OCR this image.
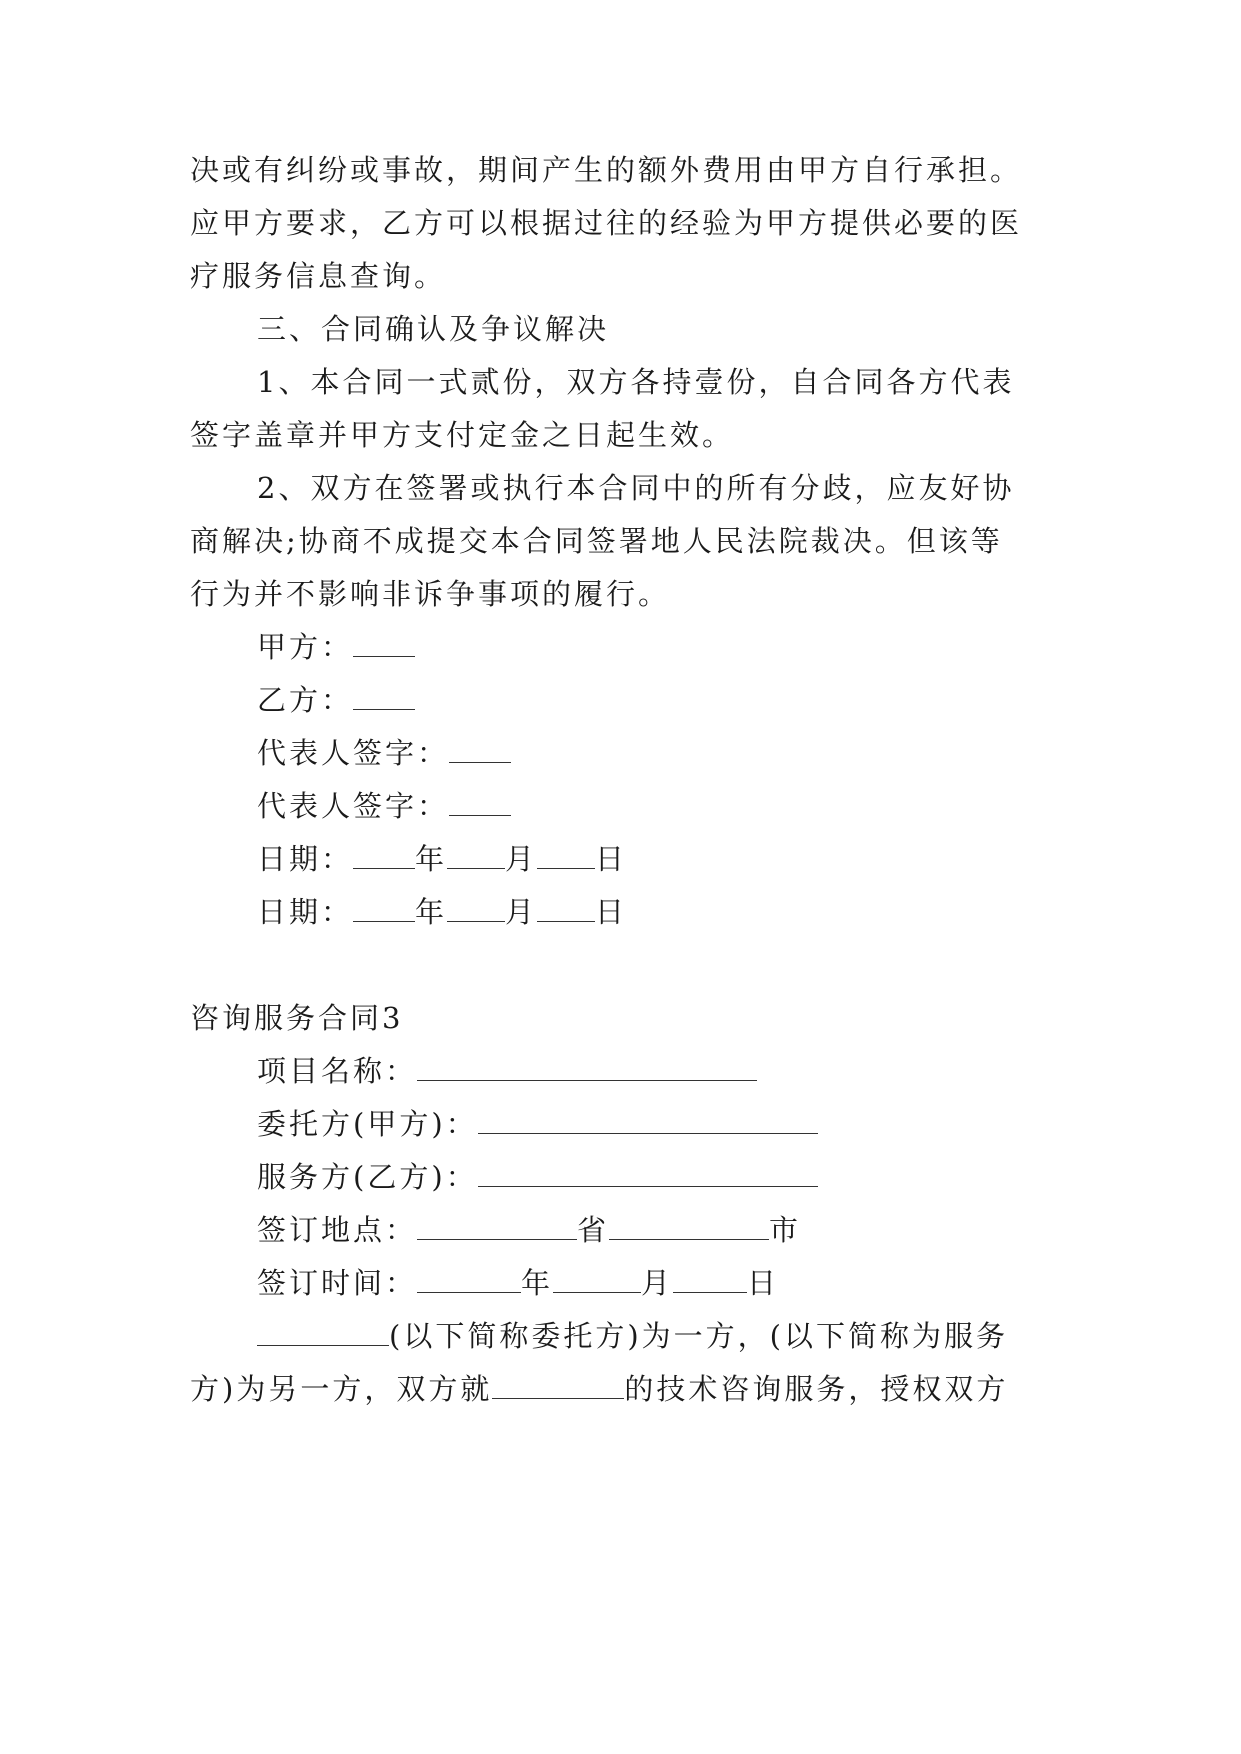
决或有纠纷或事故，期间产生的额外费用由甲方自行承担。
应甲方要求，乙方可以根据过往的经验为甲方提供必要的医
疗服务信息查询。
三、合同确认及争议解决
1、本合同一式贰份，双方各持壹份，自合同各方代表
签字盖章并甲方支付定金之日起生效。
2、双方在签署或执行本合同中的所有分歧，应友好协
商解决;协商不成提交本合同签署地人民法院裁决。但该等
行为并不影响非诉争事项的履行。
甲方：
乙方：
代表人签字：
代表人签字：
日期： 年 月 日
日期： 年 月 日
咨询服务合同3
项目名称：
委托方(甲方)：
服务方(乙方)：
签订地点：	省	市
签订时间：	年	月	日
(以下简称委托方)为一方，(以下简称为服务
方)为另一方，双方就	的技术咨询服务，授权双方
